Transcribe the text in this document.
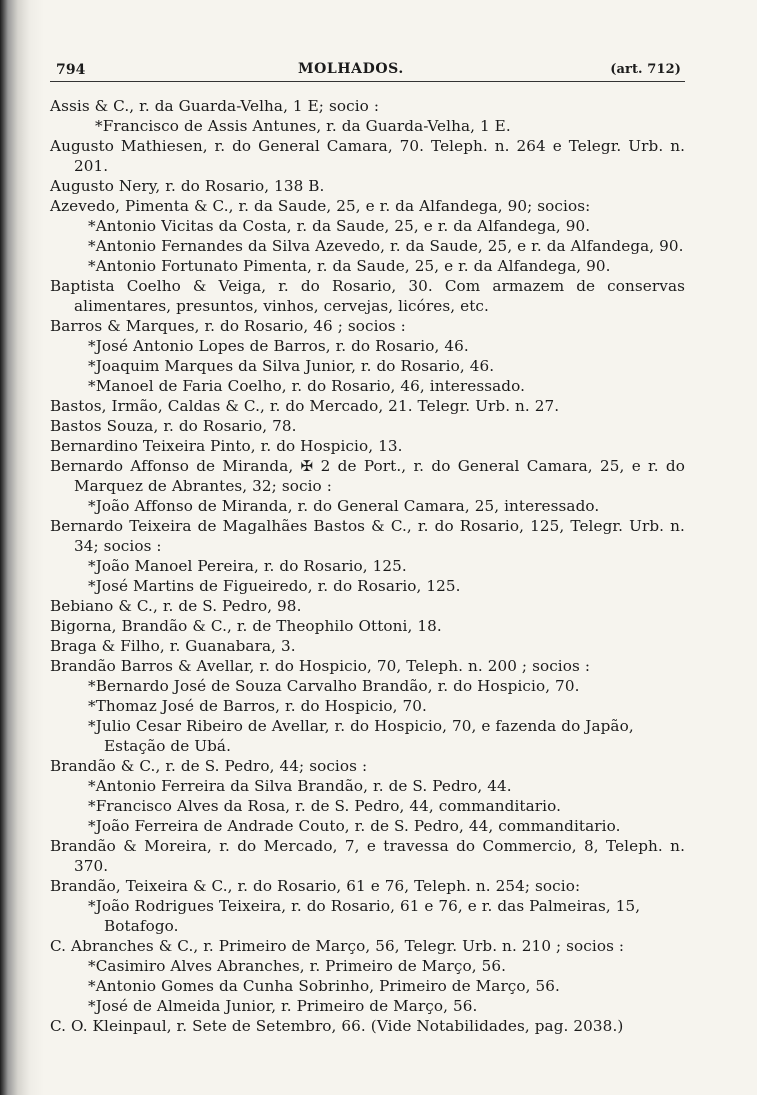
794	MOLHADOS.	(art. 712)

Assis & C., r. da Guarda-Velha, 1 E; socio :

*Francisco de Assis Antunes, r. da Guarda-Velha, 1 E.

Augusto Mathiesen, r. do General Camara, 70. Teleph. n. 264 e Telegr. Urb. n. 201.

Augusto Nery, r. do Rosario, 138 B.

Azevedo, Pimenta & C., r. da Saude, 25, e r. da Alfandega, 90; socios:

*Antonio Vicitas da Costa, r. da Saude, 25, e r. da Alfandega, 90.

*Antonio Fernandes da Silva Azevedo, r. da Saude, 25, e r. da Alfandega, 90.

*Antonio Fortunato Pimenta, r. da Saude, 25, e r. da Alfandega, 90.

Baptista Coelho & Veiga, r. do Rosario, 30. Com armazem de conservas alimentares, presuntos, vinhos, cervejas, licóres, etc.

Barros & Marques, r. do Rosario, 46 ; socios :

*José Antonio Lopes de Barros, r. do Rosario, 46.

*Joaquim Marques da Silva Junior, r. do Rosario, 46.

*Manoel de Faria Coelho, r. do Rosario, 46, interessado.

Bastos, Irmão, Caldas & C., r. do Mercado, 21. Telegr. Urb. n. 27.

Bastos Souza, r. do Rosario, 78.

Bernardino Teixeira Pinto, r. do Hospicio, 13.

Bernardo Affonso de Miranda, ✠ 2 de Port., r. do General Camara, 25, e r. do Marquez de Abrantes, 32; socio :

*João Affonso de Miranda, r. do General Camara, 25, interessado.

Bernardo Teixeira de Magalhães Bastos & C., r. do Rosario, 125, Telegr. Urb. n. 34; socios :

*João Manoel Pereira, r. do Rosario, 125.

*José Martins de Figueiredo, r. do Rosario, 125.

Bebiano & C., r. de S. Pedro, 98.

Bigorna, Brandão & C., r. de Theophilo Ottoni, 18.

Braga & Filho, r. Guanabara, 3.

Brandão Barros & Avellar, r. do Hospicio, 70, Teleph. n. 200 ; socios :

*Bernardo José de Souza Carvalho Brandão, r. do Hospicio, 70.

*Thomaz José de Barros, r. do Hospicio, 70.

*Julio Cesar Ribeiro de Avellar, r. do Hospicio, 70, e fazenda do Japão, Estação de Ubá.

Brandão & C., r. de S. Pedro, 44; socios :

*Antonio Ferreira da Silva Brandão, r. de S. Pedro, 44.

*Francisco Alves da Rosa, r. de S. Pedro, 44, commanditario.

*João Ferreira de Andrade Couto, r. de S. Pedro, 44, commanditario.

Brandão & Moreira, r. do Mercado, 7, e travessa do Commercio, 8, Teleph. n. 370.

Brandão, Teixeira & C., r. do Rosario, 61 e 76, Teleph. n. 254; socio:

*João Rodrigues Teixeira, r. do Rosario, 61 e 76, e r. das Palmeiras, 15, Botafogo.

C. Abranches & C., r. Primeiro de Março, 56, Telegr. Urb. n. 210 ; socios :

*Casimiro Alves Abranches, r. Primeiro de Março, 56.

*Antonio Gomes da Cunha Sobrinho, Primeiro de Março, 56.

*José de Almeida Junior, r. Primeiro de Março, 56.

C. O. Kleinpaul, r. Sete de Setembro, 66. (Vide Notabilidades, pag. 2038.)
